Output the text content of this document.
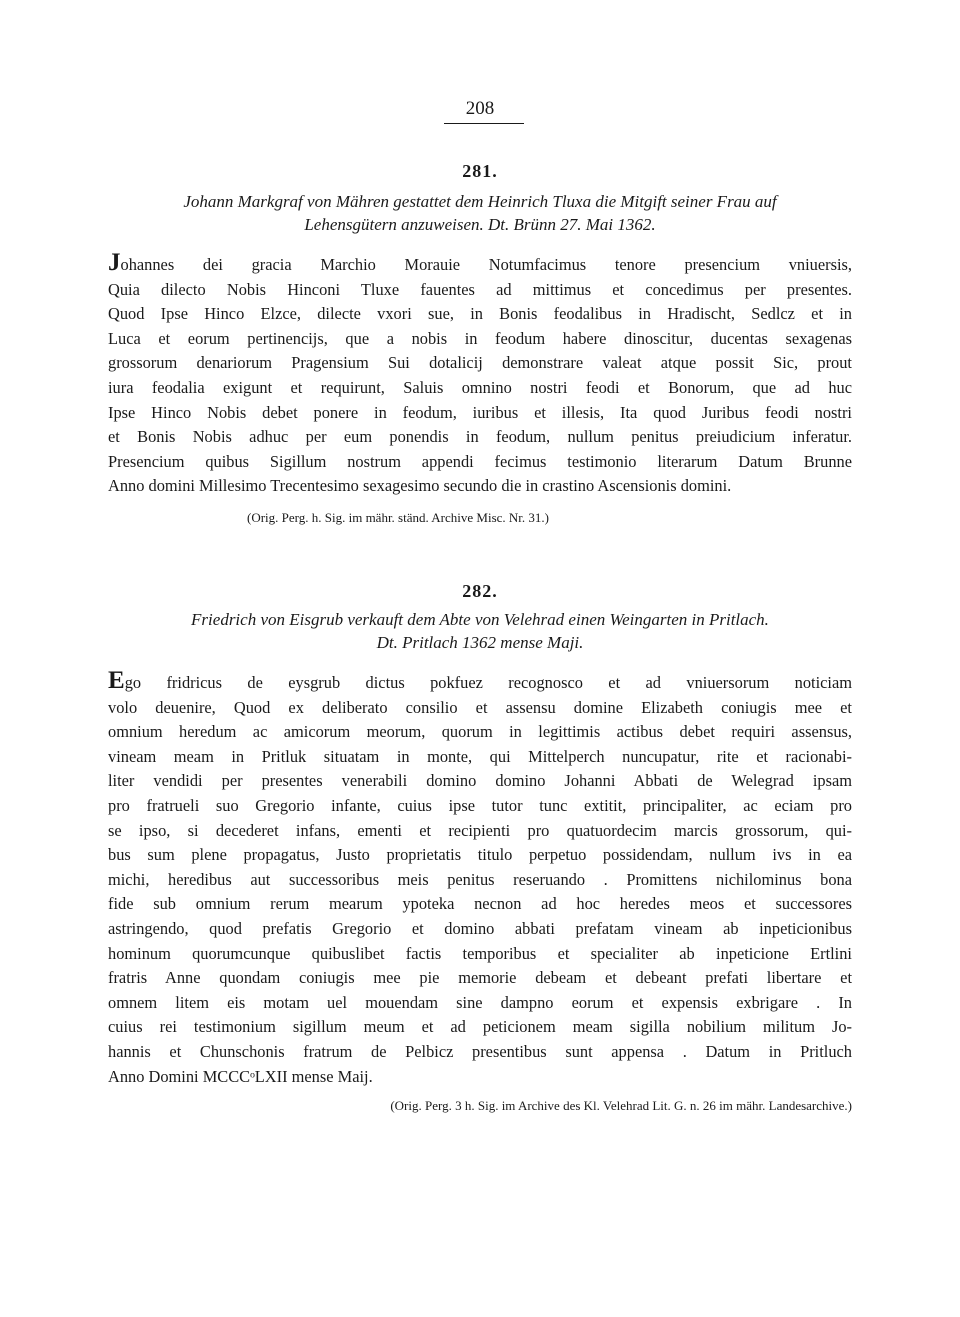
208
281.
Johann Markgraf von Mähren gestattet dem Heinrich Tluxa die Mitgift seiner Frau auf
Lehensgütern anzuweisen. Dt. Brünn 27. Mai 1362.
Johannes dei gracia Marchio Morauie Notumfacimus tenore presencium vniuersis,
Quia dilecto Nobis Hinconi Tluxe fauentes ad mittimus et concedimus per presentes.
Quod Ipse Hinco Elzce, dilecte vxori sue, in Bonis feodalibus in Hradischt, Sedlcz et in
Luca et eorum pertinencijs, que a nobis in feodum habere dinoscitur, ducentas sexagenas
grossorum denariorum Pragensium Sui dotalicij demonstrare valeat atque possit Sic, prout
iura feodalia exigunt et requirunt, Saluis omnino nostri feodi et Bonorum, que ad huc
Ipse Hinco Nobis debet ponere in feodum, iuribus et illesis, Ita quod Juribus feodi nostri
et Bonis Nobis adhuc per eum ponendis in feodum, nullum penitus preiudicium inferatur.
Presencium quibus Sigillum nostrum appendi fecimus testimonio literarum Datum Brunne
Anno domini Millesimo Trecentesimo sexagesimo secundo die in crastino Ascensionis domini.
(Orig. Perg. h. Sig. im mähr. ständ. Archive Misc. Nr. 31.)
282.
Friedrich von Eisgrub verkauft dem Abte von Velehrad einen Weingarten in Pritlach.
Dt. Pritlach 1362 mense Maji.
Ego fridricus de eysgrub dictus pokfuez recognosco et ad vniuersorum noticiam
volo deuenire, Quod ex deliberato consilio et assensu domine Elizabeth coniugis mee et
omnium heredum ac amicorum meorum, quorum in legittimis actibus debet requiri assensus,
vineam meam in Pritluk situatam in monte, qui Mittelperch nuncupatur, rite et racionabi-
liter vendidi per presentes venerabili domino domino Johanni Abbati de Welegrad ipsam
pro fratrueli suo Gregorio infante, cuius ipse tutor tunc extitit, principaliter, ac eciam pro
se ipso, si decederet infans, ementi et recipienti pro quatuordecim marcis grossorum, qui-
bus sum plene propagatus, Justo proprietatis titulo perpetuo possidendam, nullum ivs in ea
michi, heredibus aut successoribus meis penitus reseruando . Promittens nichilominus bona
fide sub omnium rerum mearum ypoteka necnon ad hoc heredes meos et successores
astringendo, quod prefatis Gregorio et domino abbati prefatam vineam ab inpeticionibus
hominum quorumcunque quibuslibet factis temporibus et specialiter ab inpeticione Ertlini
fratris Anne quondam coniugis mee pie memorie debeam et debeant prefati libertare et
omnem litem eis motam uel mouendam sine dampno eorum et expensis exbrigare . In
cuius rei testimonium sigillum meum et ad peticionem meam sigilla nobilium militum Jo-
hannis et Chunschonis fratrum de Pelbicz presentibus sunt appensa . Datum in Pritluch
Anno Domini MCCCᵒLXII mense Maij.
(Orig. Perg. 3 h. Sig. im Archive des Kl. Velehrad Lit. G. n. 26 im mähr. Landesarchive.)
